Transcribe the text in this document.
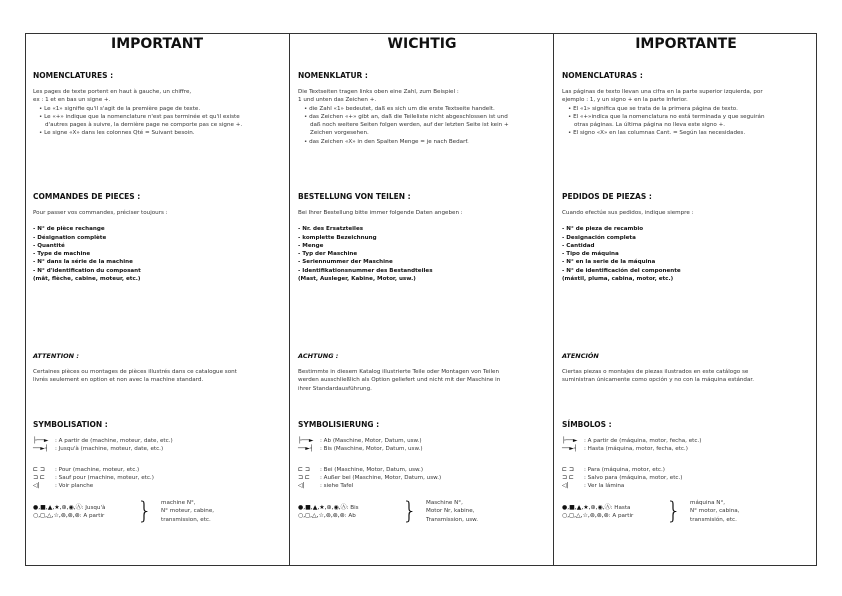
IMPORTANT
NOMENCLATURES :
Les pages de texte portent en haut à gauche, un chiffre,
ex : 1 et en bas un signe +.
• Le «1» signifie qu'il s'agit de la première page de texte.
• Le «+» indique que la nomenclature n'est pas terminée et qu'il existe
d'autres pages à suivre, la dernière page ne comporte pas ce signe +.
• Le signe «X» dans les colonnes Qté = Suivant besoin.
COMMANDES DE PIECES :
Pour passer vos commandes, préciser toujours :
- N° de pièce rechange
- Désignation complète
- Quantité
- Type de machine
- N° dans la série de la machine
- N° d'identification du composant
(mât, flèche, cabine, moteur, etc.)
ATTENTION :
Certaines pièces ou montages de pièces illustrés dans ce catalogue sont
livrés seulement en option et non avec la machine standard.
SYMBOLISATION :
├──► : A partir de (machine, moteur, date, etc.)
──►┤ : Jusqu'à (machine, moteur, date, etc.)
⊏ ⊐ : Pour (machine, moteur, etc.)
⊐ ⊏ : Sauf pour (machine, moteur, etc.)
◁|	: Voir planche
●,■,▲,★,⊛,◉,Ⓐ: Jusqu'à
○,◻,△,☆,⊚,⊚,⊚: A partir } machine N°,
N° moteur, cabine,
transmission, etc.
WICHTIG
NOMENKLATUR :
Die Textseiten tragen links oben eine Zahl, zum Beispiel :
1 und unten das Zeichen +.
• die Zahl «1» bedeutet, daß es sich um die erste Textseite handelt.
• das Zeichen «+» gibt an, daß die Teileliste nicht abgeschlossen ist und
daß noch weitere Seiten folgen werden, auf der letzten Seite ist kein +
Zeichen vorgesehen.
• das Zeichen «X» in den Spalten Menge = je nach Bedarf.
BESTELLUNG VON TEILEN :
Bei Ihrer Bestellung bitte immer folgende Daten angeben :
- Nr. des Ersatzteiles
- komplette Bezeichnung
- Menge
- Typ der Maschine
- Seriennummer der Maschine
- Identifikationsnummer des Bestandteiles
(Mast, Ausleger, Kabine, Motor, usw.)
ACHTUNG :
Bestimmte in diesem Katalog illustrierte Teile oder Montagen von Teilen
werden ausschließlich als Option geliefert und nicht mit der Maschine in
ihrer Standardausführung.
SYMBOLISIERUNG :
├──► : Ab (Maschine, Motor, Datum, usw.)
──►┤ : Bis (Maschine, Motor, Datum, usw.)
⊏ ⊐ : Bei (Maschine, Motor, Datum, usw.)
⊐ ⊏ : Außer bei (Maschine, Motor, Datum, usw.)
◁|	: siehe Tafel
●,■,▲,★,⊛,◉,Ⓐ: Bis
○,◻,△,☆,⊚,⊚,⊚: Ab } Maschine N°,
Motor Nr, kabine,
Transmission, usw.
IMPORTANTE
NOMENCLATURAS :
Las páginas de texto llevan una cifra en la parte superior izquierda, por
ejemplo : 1, y un signo + en la parte inferior.
• El «1» significa que se trata de la primera página de texto.
• El «+»indica que la nomenclatura no está terminada y que seguirán
otras páginas. La última página no lleva este signo +.
• El signo «X» en las columnas Cant. = Según las necesidades.
PEDIDOS DE PIEZAS :
Cuando efectúe sus pedidos, indique siempre :
- N° de pieza de recambio
- Designación completa
- Cantidad
- Tipo de máquina
- N° en la serie de la máquina
- N° de identificación del componente
(mástil, pluma, cabina, motor, etc.)
ATENCIÓN
Ciertas piezas o montajes de piezas ilustrados en este catálogo se
suministran únicamente como opción y no con la máquina estándar.
SÍMBOLOS :
├──► : A partir de (máquina, motor, fecha, etc.)
──►┤ : Hasta (máquina, motor, fecha, etc.)
⊏ ⊐ : Para (máquina, motor, etc.)
⊐ ⊏ : Salvo para (máquina, motor, etc.)
◁|	: Ver la lámina
●,■,▲,★,⊛,◉,Ⓐ: Hasta
○,◻,△,☆,⊚,⊚,⊚: A partir } máquina N°,
N° motor, cabina,
transmisión, etc.
